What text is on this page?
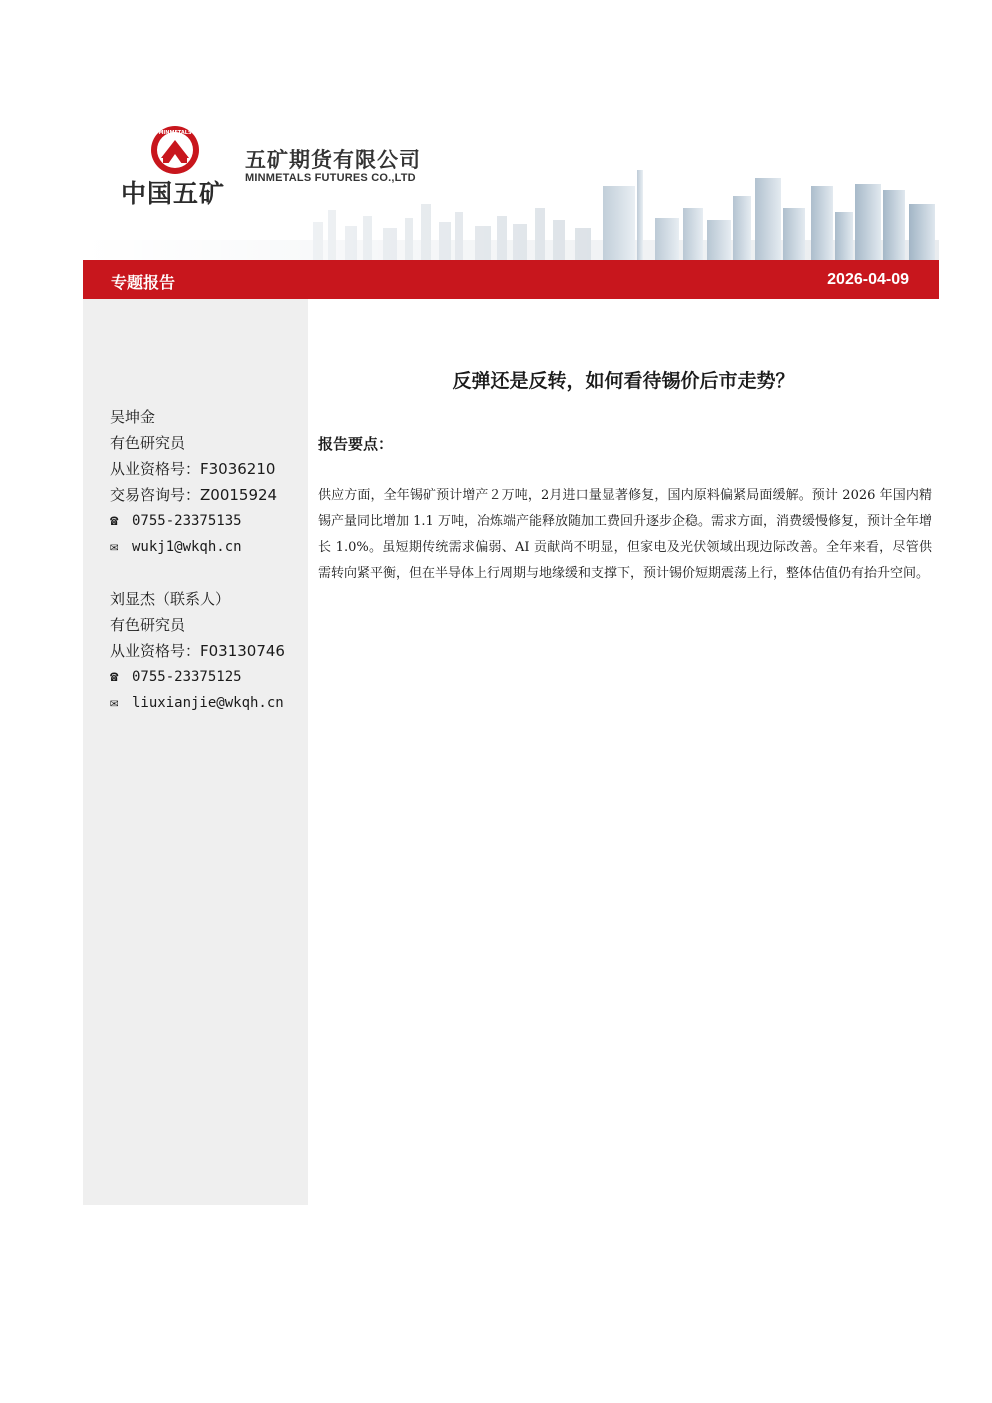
MINMETALS
中国五矿
五矿期货有限公司
MINMETALS FUTURES CO.,LTD
专题报告	2026-04-09
吴坤金
有色研究员
从业资格号：F3036210
交易咨询号：Z0015924
☎ 0755-23375135
✉ wukj1@wkqh.cn
刘显杰（联系人）
有色研究员
从业资格号：F03130746
☎ 0755-23375125
✉ liuxianjie@wkqh.cn
反弹还是反转，如何看待锡价后市走势？
报告要点：
供应方面，全年锡矿预计增产２万吨，2月进口量显著修复，国内原料偏紧局面缓解。预计 2026 年国内精锡产量同比增加 1.1 万吨，冶炼端产能释放随加工费回升逐步企稳。需求方面，消费缓慢修复，预计全年增长 1.0%。虽短期传统需求偏弱、AI 贡献尚不明显，但家电及光伏领域出现边际改善。全年来看，尽管供需转向紧平衡，但在半导体上行周期与地缘缓和支撑下，预计锡价短期震荡上行，整体估值仍有抬升空间。
